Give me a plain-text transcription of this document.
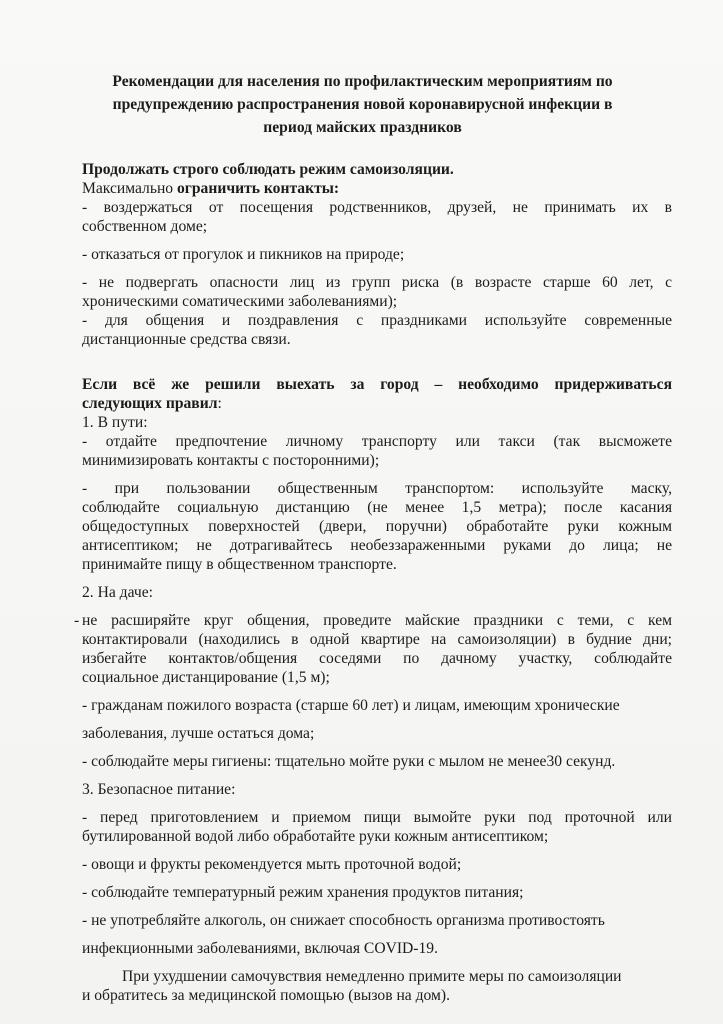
Рекомендации для населения по профилактическим мероприятиям по
предупреждению распространения новой коронавирусной инфекции в
период майских праздников
Продолжать строго соблюдать режим самоизоляции.
Максимально ограничить контакты:
- воздержаться от посещения родственников, друзей, не принимать их в
собственном доме;
- отказаться от прогулок и пикников на природе;
- не подвергать опасности лиц из групп риска (в возрасте старше 60 лет, с
хроническими соматическими заболеваниями);
- для общения и поздравления с праздниками используйте современные
дистанционные средства связи.
Если всё же решили выехать за город – необходимо придерживаться
следующих правил:
1. В пути:
- отдайте предпочтение личному транспорту или такси (так высможете
минимизировать контакты с посторонними);
- при пользовании общественным транспортом: используйте маску,
соблюдайте социальную дистанцию (не менее 1,5 метра); после касания
общедоступных поверхностей (двери, поручни) обработайте руки кожным
антисептиком; не дотрагивайтесь необеззараженными руками до лица; не
принимайте пищу в общественном транспорте.
2. На даче:
- не расширяйте круг общения, проведите майские праздники с теми, с кем
контактировали (находились в одной квартире на самоизоляции) в будние дни;
избегайте контактов/общения соседями по дачному участку, соблюдайте
социальное дистанцирование (1,5 м);
- гражданам пожилого возраста (старше 60 лет) и лицам, имеющим хронические
заболевания, лучше остаться дома;
- соблюдайте меры гигиены: тщательно мойте руки с мылом не менее30 секунд.
3. Безопасное питание:
- перед приготовлением и приемом пищи вымойте руки под проточной или
бутилированной водой либо обработайте руки кожным антисептиком;
- овощи и фрукты рекомендуется мыть проточной водой;
- соблюдайте температурный режим хранения продуктов питания;
- не употребляйте алкоголь, он снижает способность организма противостоять
инфекционными заболеваниями, включая COVID-19.
При ухудшении самочувствия немедленно примите меры по самоизоляции
и обратитесь за медицинской помощью (вызов на дом).
